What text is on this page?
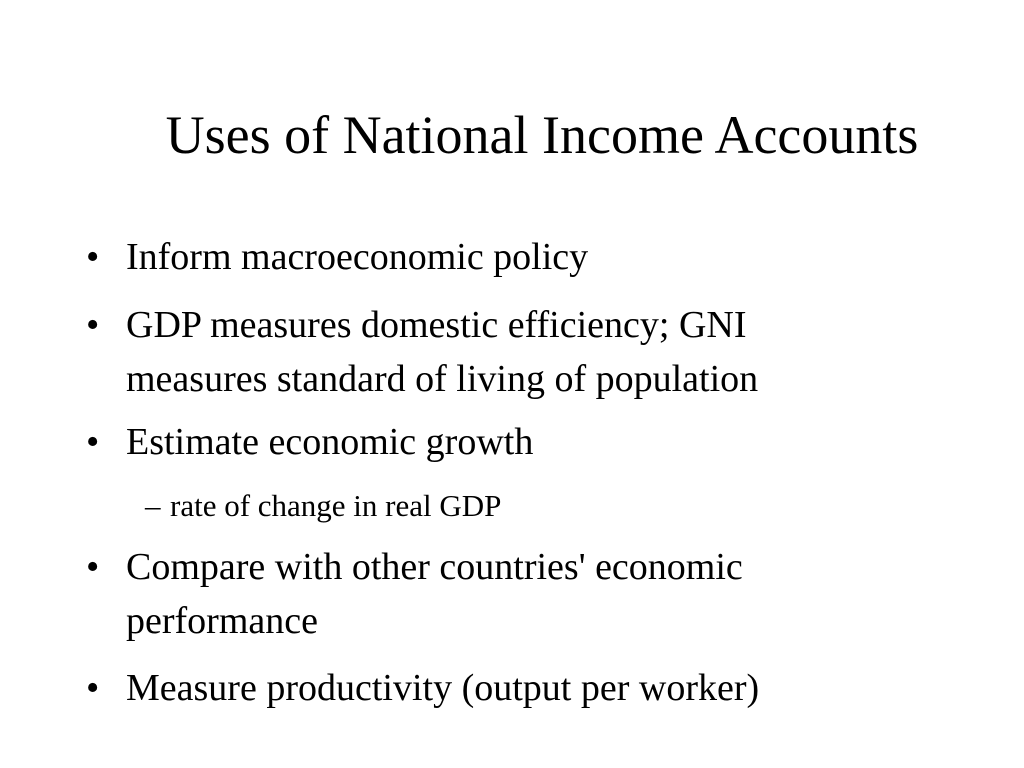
Uses of National Income Accounts
• Inform macroeconomic policy
• GDP measures domestic efficiency; GNI
measures standard of living of population
• Estimate economic growth
– rate of change in real GDP
• Compare with other countries' economic
performance
• Measure productivity (output per worker)
